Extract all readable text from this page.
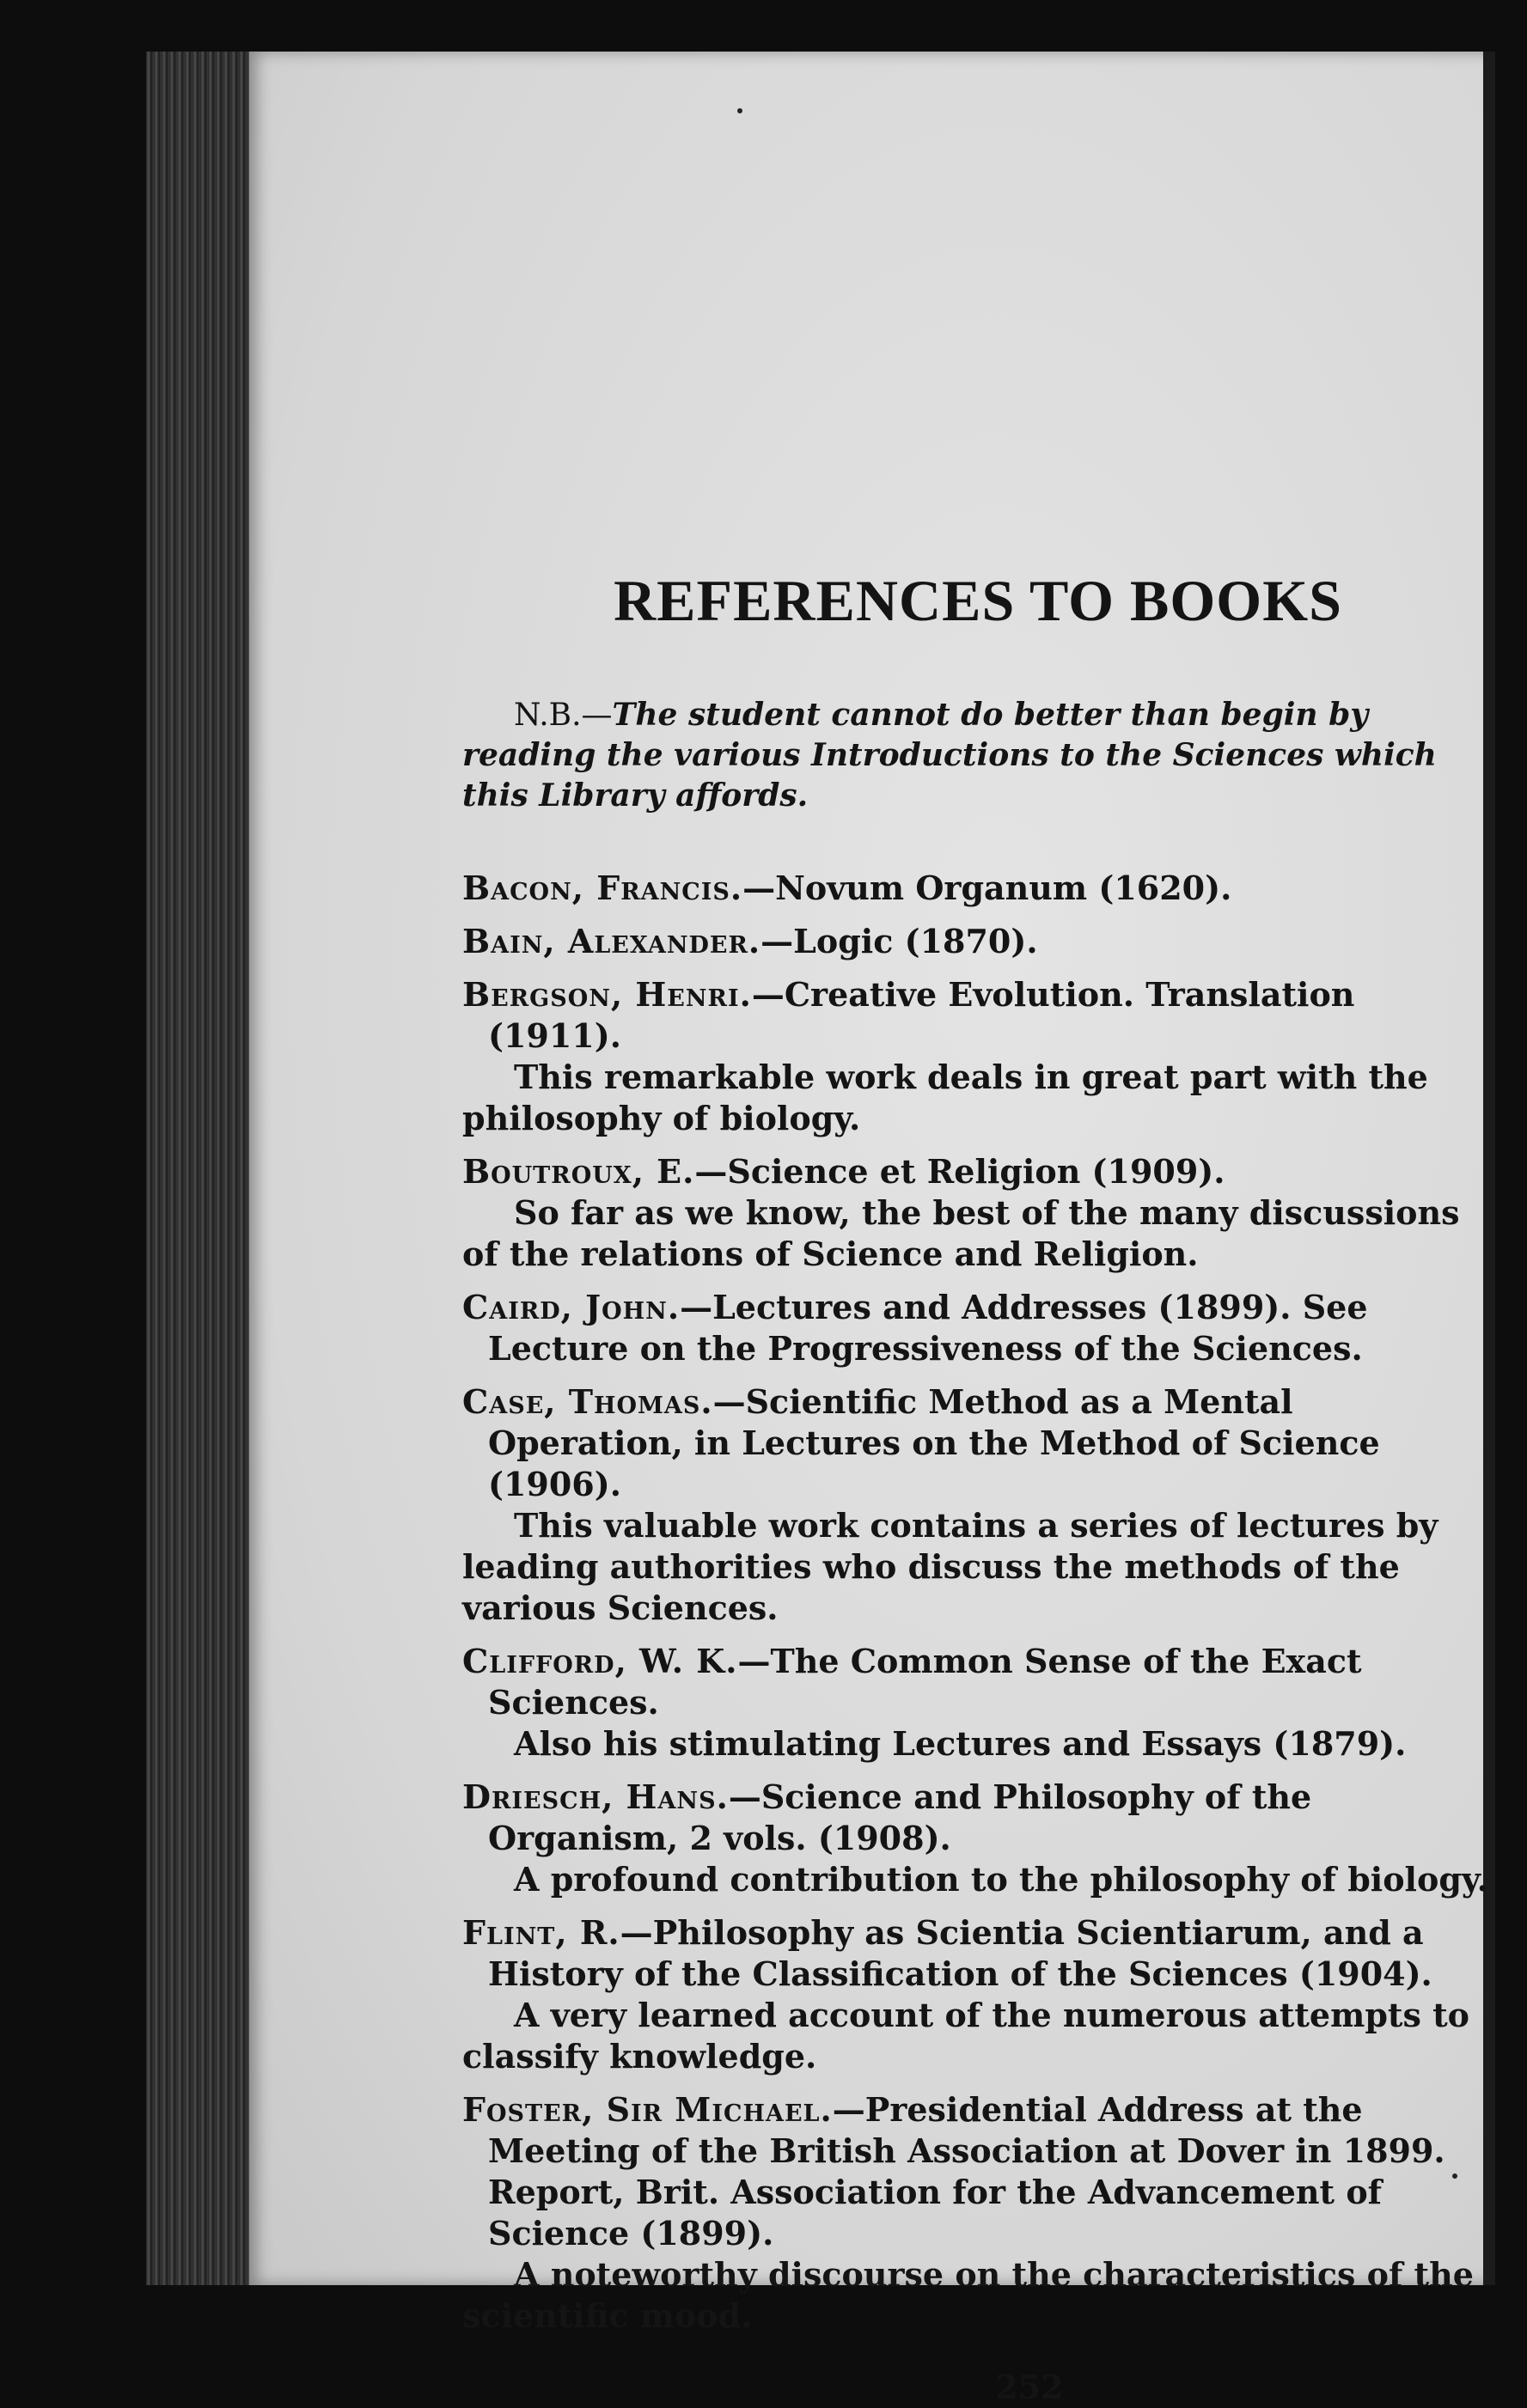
REFERENCES TO BOOKS

N.B.—The student cannot do better than begin by reading the various Introductions to the Sciences which this Library affords.

Bacon, Francis.—Novum Organum (1620).
Bain, Alexander.—Logic (1870).
Bergson, Henri.—Creative Evolution. Translation (1911).
This remarkable work deals in great part with the philosophy of biology.
Boutroux, E.—Science et Religion (1909).
So far as we know, the best of the many discussions of the relations of Science and Religion.
Caird, John.—Lectures and Addresses (1899). See Lecture on the Progressiveness of the Sciences.
Case, Thomas.—Scientific Method as a Mental Operation, in Lectures on the Method of Science (1906).
This valuable work contains a series of lectures by leading authorities who discuss the methods of the various Sciences.
Clifford, W. K.—The Common Sense of the Exact Sciences.
Also his stimulating Lectures and Essays (1879).
Driesch, Hans.—Science and Philosophy of the Organism, 2 vols. (1908).
A profound contribution to the philosophy of biology.
Flint, R.—Philosophy as Scientia Scientiarum, and a History of the Classification of the Sciences (1904).
A very learned account of the numerous attempts to classify knowledge.
Foster, Sir Michael.—Presidential Address at the Meeting of the British Association at Dover in 1899. Report, Brit. Association for the Advancement of Science (1899).
A noteworthy discourse on the characteristics of the scientific mood.
252
